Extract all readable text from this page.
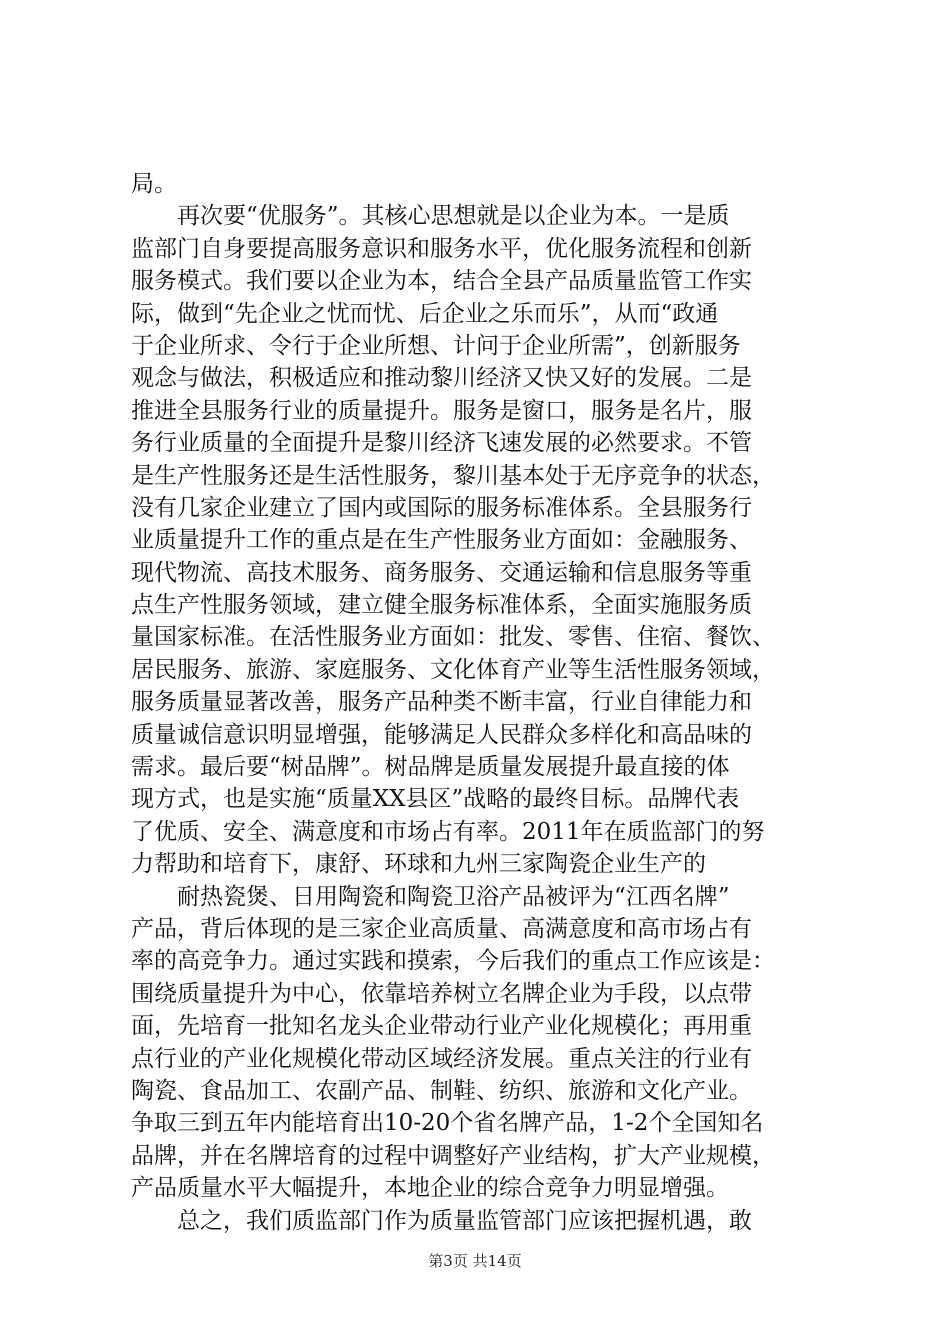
局。
再次要“优服务”。其核心思想就是以企业为本。一是质
监部门自身要提高服务意识和服务水平，优化服务流程和创新
服务模式。我们要以企业为本，结合全县产品质量监管工作实
际，做到“先企业之忧而忧、后企业之乐而乐”，从而“政通
于企业所求、令行于企业所想、计问于企业所需”，创新服务
观念与做法，积极适应和推动黎川经济又快又好的发展。二是
推进全县服务行业的质量提升。服务是窗口，服务是名片，服
务行业质量的全面提升是黎川经济飞速发展的必然要求。不管
是生产性服务还是生活性服务，黎川基本处于无序竞争的状态，
没有几家企业建立了国内或国际的服务标准体系。全县服务行
业质量提升工作的重点是在生产性服务业方面如：金融服务、
现代物流、高技术服务、商务服务、交通运输和信息服务等重
点生产性服务领域，建立健全服务标准体系，全面实施服务质
量国家标准。在活性服务业方面如：批发、零售、住宿、餐饮、
居民服务、旅游、家庭服务、文化体育产业等生活性服务领域，
服务质量显著改善，服务产品种类不断丰富，行业自律能力和
质量诚信意识明显增强，能够满足人民群众多样化和高品味的
需求。最后要“树品牌”。树品牌是质量发展提升最直接的体
现方式，也是实施“质量XX县区”战略的最终目标。品牌代表
了优质、安全、满意度和市场占有率。2011年在质监部门的努
力帮助和培育下，康舒、环球和九州三家陶瓷企业生产的
耐热瓷煲、日用陶瓷和陶瓷卫浴产品被评为“江西名牌”
产品，背后体现的是三家企业高质量、高满意度和高市场占有
率的高竞争力。通过实践和摸索，今后我们的重点工作应该是：
围绕质量提升为中心，依靠培养树立名牌企业为手段，以点带
面，先培育一批知名龙头企业带动行业产业化规模化；再用重
点行业的产业化规模化带动区域经济发展。重点关注的行业有
陶瓷、食品加工、农副产品、制鞋、纺织、旅游和文化产业。
争取三到五年内能培育出10-20个省名牌产品，1-2个全国知名
品牌，并在名牌培育的过程中调整好产业结构，扩大产业规模，
产品质量水平大幅提升，本地企业的综合竞争力明显增强。
总之，我们质监部门作为质量监管部门应该把握机遇，敢
第3页 共14页
